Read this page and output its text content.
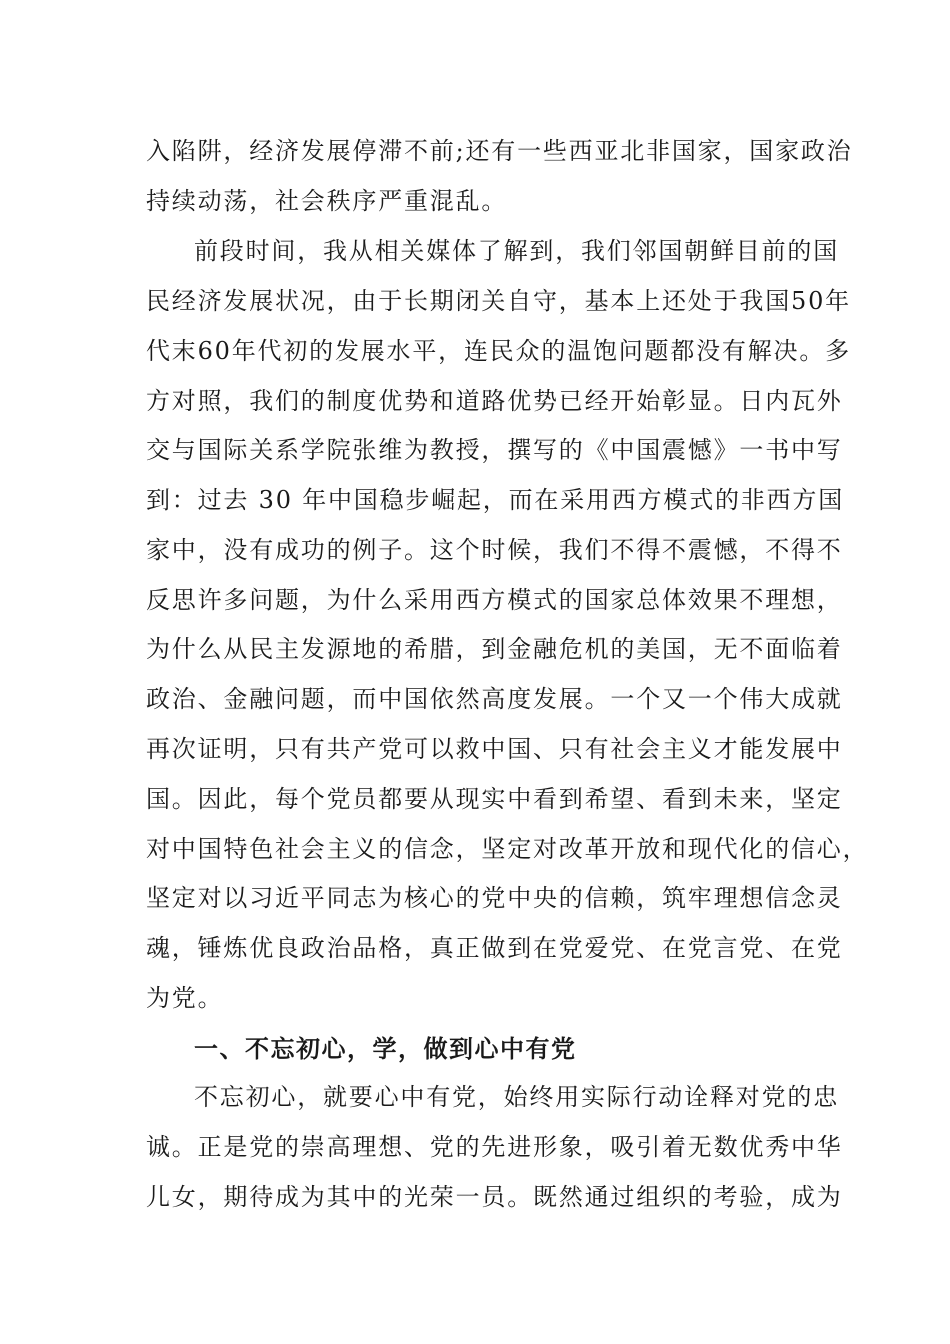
入陷阱，经济发展停滞不前;还有一些西亚北非国家，国家政治
持续动荡，社会秩序严重混乱。
前段时间，我从相关媒体了解到，我们邻国朝鲜目前的国
民经济发展状况，由于长期闭关自守，基本上还处于我国50年
代末60年代初的发展水平，连民众的温饱问题都没有解决。多
方对照，我们的制度优势和道路优势已经开始彰显。日内瓦外
交与国际关系学院张维为教授，撰写的《中国震憾》一书中写
到：过去 30 年中国稳步崛起，而在采用西方模式的非西方国
家中，没有成功的例子。这个时候，我们不得不震憾，不得不
反思许多问题，为什么采用西方模式的国家总体效果不理想，
为什么从民主发源地的希腊，到金融危机的美国，无不面临着
政治、金融问题，而中国依然高度发展。一个又一个伟大成就
再次证明，只有共产党可以救中国、只有社会主义才能发展中
国。因此，每个党员都要从现实中看到希望、看到未来，坚定
对中国特色社会主义的信念，坚定对改革开放和现代化的信心，
坚定对以习近平同志为核心的党中央的信赖，筑牢理想信念灵
魂，锤炼优良政治品格，真正做到在党爱党、在党言党、在党
为党。
一、不忘初心，学，做到心中有党
不忘初心，就要心中有党，始终用实际行动诠释对党的忠
诚。正是党的崇高理想、党的先进形象，吸引着无数优秀中华
儿女，期待成为其中的光荣一员。既然通过组织的考验，成为
